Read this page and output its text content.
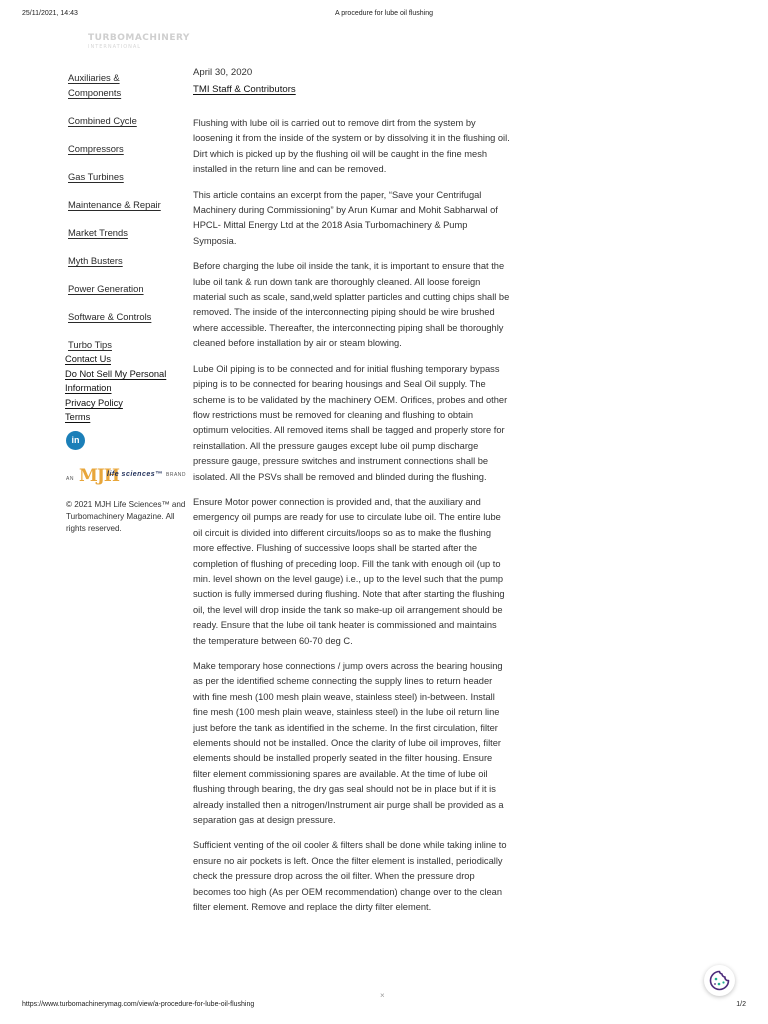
25/11/2021, 14:43	A procedure for lube oil flushing
TURBOMACHINERY
INTERNATIONAL
Auxiliaries & Components
Combined Cycle
Compressors
Gas Turbines
Maintenance & Repair
Market Trends
Myth Busters
Power Generation
Software & Controls
Turbo Tips
Contact Us
Do Not Sell My Personal Information
Privacy Policy
Terms
in
AN MJH
life sciences™ BRAND
© 2021 MJH Life Sciences™ and Turbomachinery Magazine. All rights reserved.
April 30, 2020
TMI Staff & Contributors

Flushing with lube oil is carried out to remove dirt from the system by loosening it from the inside of the system or by dissolving it in the flushing oil. Dirt which is picked up by the flushing oil will be caught in the fine mesh installed in the return line and can be removed.

This article contains an excerpt from the paper, “Save your Centrifugal Machinery during Commissioning” by Arun Kumar and Mohit Sabharwal of HPCL- Mittal Energy Ltd at the 2018 Asia Turbomachinery & Pump Symposia.

Before charging the lube oil inside the tank, it is important to ensure that the lube oil tank & run down tank are thoroughly cleaned. All loose foreign material such as scale, sand,weld splatter particles and cutting chips shall be removed. The inside of the interconnecting piping should be wire brushed where accessible. Thereafter, the interconnecting piping shall be thoroughly cleaned before installation by air or steam blowing.

Lube Oil piping is to be connected and for initial flushing temporary bypass piping is to be connected for bearing housings and Seal Oil supply. The scheme is to be validated by the machinery OEM. Orifices, probes and other flow restrictions must be removed for cleaning and flushing to obtain optimum velocities. All removed items shall be tagged and properly store for reinstallation. All the pressure gauges except lube oil pump discharge pressure gauge, pressure switches and instrument connections shall be isolated. All the PSVs shall be removed and blinded during the flushing.

Ensure Motor power connection is provided and, that the auxiliary and emergency oil pumps are ready for use to circulate lube oil. The entire lube oil circuit is divided into different circuits/loops so as to make the flushing more effective. Flushing of successive loops shall be started after the completion of flushing of preceding loop. Fill the tank with enough oil (up to min. level shown on the level gauge) i.e., up to the level such that the pump suction is fully immersed during flushing. Note that after starting the flushing oil, the level will drop inside the tank so make-up oil arrangement should be ready. Ensure that the lube oil tank heater is commissioned and maintains the temperature between 60-70 deg C.

Make temporary hose connections / jump overs across the bearing housing as per the identified scheme connecting the supply lines to return header with fine mesh (100 mesh plain weave, stainless steel) in-between. Install fine mesh (100 mesh plain weave, stainless steel) in the lube oil return line just before the tank as identified in the scheme. In the first circulation, filter elements should not be installed. Once the clarity of lube oil improves, filter elements should be installed properly seated in the filter housing. Ensure filter element commissioning spares are available. At the time of lube oil flushing through bearing, the dry gas seal should not be in place but if it is already installed then a nitrogen/Instrument air purge shall be provided as a separation gas at design pressure.

Sufficient venting of the oil cooler & filters shall be done while taking inline to ensure no air pockets is left. Once the filter element is installed, periodically check the pressure drop across the oil filter. When the pressure drop becomes too high (As per OEM recommendation) change over to the clean filter element. Remove and replace the dirty filter element.

×
https://www.turbomachinerymag.com/view/a-procedure-for-lube-oil-flushing	1/2
